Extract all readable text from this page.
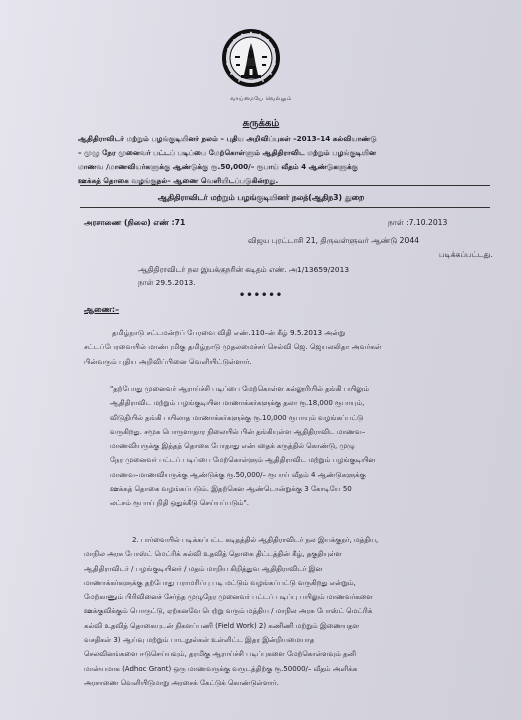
வாய்மையே வெல்லும்
சுருக்கம்
ஆதிதிராவிடர் மற்றும் பழங்குடியினர் நலம் – புதிய அறிவிப்புகள் –2013–14 கல்வியாண்டு
– முழு நேர முனைவர் பட்டப் படிப்பை மேற்கொள்ளும் ஆதிதிராவிட மற்றும் பழங்குடியின
மாணவ /மாணவியர்களுக்கு ஆண்டுக்கு ரூ.50,000/– ரூபாய் வீதம் 4 ஆண்டுகளுக்கு
ஊக்கத் தொகை வழங்குதல்– ஆணை வெளியிடப்படுகின்றது.
ஆதிதிராவிடர் மற்றும் பழங்குடியினர் நலத்(ஆதிந3) துறை
அரசாணை (நிலை) எண் :71	நாள் :7.10.2013
விஜய புரட்டாசி 21, திருவள்ளுவர் ஆண்டு 2044
படிக்கப்பட்டது.
ஆதிதிராவிடர் நல இயக்குநரின் கடிதம் எண். அ1/13659/2013
நாள் 29.5.2013.
••••••
ஆணை:–
தமிழ்நாடு சட்டமன்றப் பேரவை விதி எண்.110–ன் கீழ் 9.5.2013 அன்று
சட்டப்பேரவையில் மாண்புமிகு தமிழ்நாடு முதலமைச்சர் செல்வி ஜெ. ஜெயலலிதா அவர்கள்
பின்வரும் புதிய அறிவிப்பினை வெளியிட்டுள்ளார்.
"தற்போது முனைவர் ஆராய்ச்சி படிப்பை மேற்கொள்ள கல்லூரியில் தங்கி பயிலும்
ஆதிதிராவிட மற்றும் பழங்குடியின மாணாக்கர்களுக்கு தலா ரூ.18,000 ரூபாயும்,
விடுதியில் தங்கி பயிலாத மாணாக்கர்களுக்கு ரூ.10,000 ரூபாயும் வழங்கப்பட்டு
வருகிறது. சமூக பொருளாதார நிலையில் பின் தங்கியுள்ள ஆதிதிராவிட மாணவ–
மாணவியருக்கு இத்தத் தொகை போதாது என்பதைக் கருத்தில் கொண்டு, முழு
நேர முனைவர் பட்டப் படிப்பை மேற்கொள்ளும் ஆதிதிராவிட மற்றும் பழங்குடியின
மாணவ–மாணவியருக்கு ஆண்டுக்கு ரூ.50,000/– ரூபாய் வீதம் 4 ஆண்டுகளுக்கு
ஊக்கத் தொகை வழங்கப்படும். இதற்கென ஆண்டொன்றுக்கு 3 கோடியே 50
லட்சம் ரூபாய் நிதி ஒதுக்கீடு செய்யப்படும்".
2. பார்வையில் படிக்கப்பட்ட கடிதத்தில் ஆதிதிராவிடர் நல இயக்குநர், மத்திய,
மாநில அரசு போஸ்ட் மெட்ரிக் கல்வி உதவித் தொகை திட்டத்தின் கீழ், தகுதியுள்ள
ஆதிதிராவிடர் / பழங்குடியினர் / மதம் மாறிய கிறித்துவ ஆதிதிராவிடர் இன
மாணாக்கர்களுக்கு தற்போது பராமரிப்பு படி மட்டும் வழங்கப்பட்டு வருகிறது என்றும்,
மேற்காணும் பிரிவினைச் சேர்ந்த முழுநேர முனைவர் பட்டப் படிப்பு பயிலும் மாணவர்களை
ஊக்குவிக்கும் பொருட்டு, ஏற்கனவே பெற்று வரும் மத்திய / மாநில அரசு போஸ்ட் மெட்ரிக்
கல்வி உதவித் தொகையுடன் நிகளப்பணி (Field Work) 2) கணிணி மற்றும் இணையதள
வசதிகள் 3) ஆய்வு மற்றும் பாடநூல்கள் உள்ளிட்ட இதர இன்றியமையாத
செலவினங்களை ஈடுசெய்யவும், தரமிகு ஆராய்ச்சி படிப்புகளை மேற்கொள்ளவும் தனி
மான்யமாக (Adhoc Grant) ஒரு மாணவருக்கு வருடத்திற்கு ரூ.50000/– வீதம் அளிக்க
அரசாணை வெளியிடுமாறு அரசைக் கேட்டுக் கொண்டுள்ளார்.
